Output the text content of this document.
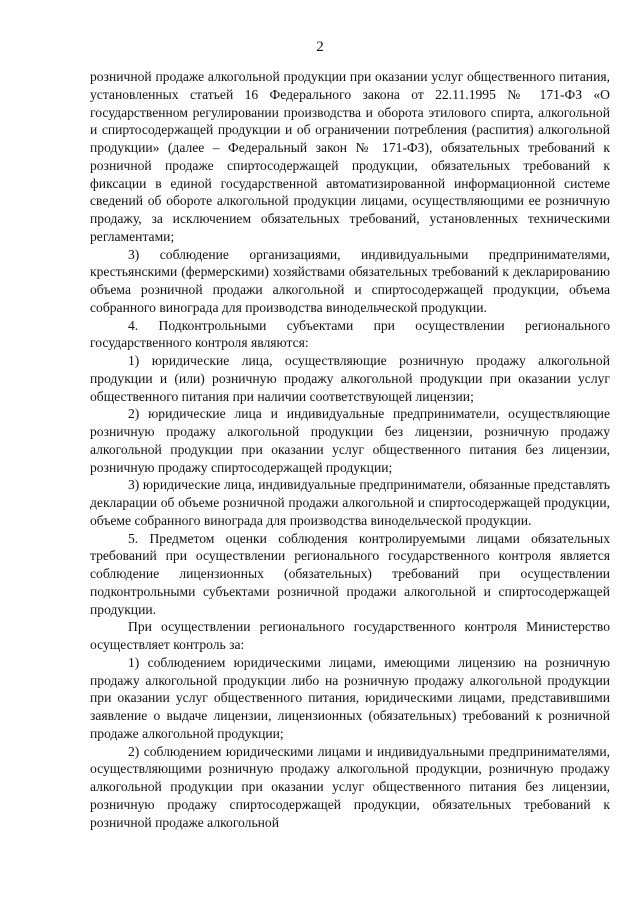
2

розничной продаже алкогольной продукции при оказании услуг общественного питания, установленных статьей 16 Федерального закона от 22.11.1995 № 171-ФЗ «О государственном регулировании производства и оборота этилового спирта, алкогольной и спиртосодержащей продукции и об ограничении потребления (распития) алкогольной продукции» (далее – Федеральный закон № 171-ФЗ), обязательных требований к розничной продаже спиртосодержащей продукции, обязательных требований к фиксации в единой государственной автоматизированной информационной системе сведений об обороте алкогольной продукции лицами, осуществляющими ее розничную продажу, за исключением обязательных требований, установленных техническими регламентами;

3) соблюдение организациями, индивидуальными предпринимателями, крестьянскими (фермерскими) хозяйствами обязательных требований к декларированию объема розничной продажи алкогольной и спиртосодержащей продукции, объема собранного винограда для производства винодельческой продукции.

4. Подконтрольными субъектами при осуществлении регионального государственного контроля являются:

1) юридические лица, осуществляющие розничную продажу алкогольной продукции и (или) розничную продажу алкогольной продукции при оказании услуг общественного питания при наличии соответствующей лицензии;

2) юридические лица и индивидуальные предприниматели, осуществляющие розничную продажу алкогольной продукции без лицензии, розничную продажу алкогольной продукции при оказании услуг общественного питания без лицензии, розничную продажу спиртосодержащей продукции;

3) юридические лица, индивидуальные предприниматели, обязанные представлять декларации об объеме розничной продажи алкогольной и спиртосодержащей продукции, объеме собранного винограда для производства винодельческой продукции.

5. Предметом оценки соблюдения контролируемыми лицами обязательных требований при осуществлении регионального государственного контроля является соблюдение лицензионных (обязательных) требований при осуществлении подконтрольными субъектами розничной продажи алкогольной и спиртосодержащей продукции.

При осуществлении регионального государственного контроля Министерство осуществляет контроль за:

1) соблюдением юридическими лицами, имеющими лицензию на розничную продажу алкогольной продукции либо на розничную продажу алкогольной продукции при оказании услуг общественного питания, юридическими лицами, представившими заявление о выдаче лицензии, лицензионных (обязательных) требований к розничной продаже алкогольной продукции;

2) соблюдением юридическими лицами и индивидуальными предпринимателями, осуществляющими розничную продажу алкогольной продукции, розничную продажу алкогольной продукции при оказании услуг общественного питания без лицензии, розничную продажу спиртосодержащей продукции, обязательных требований к розничной продаже алкогольной
